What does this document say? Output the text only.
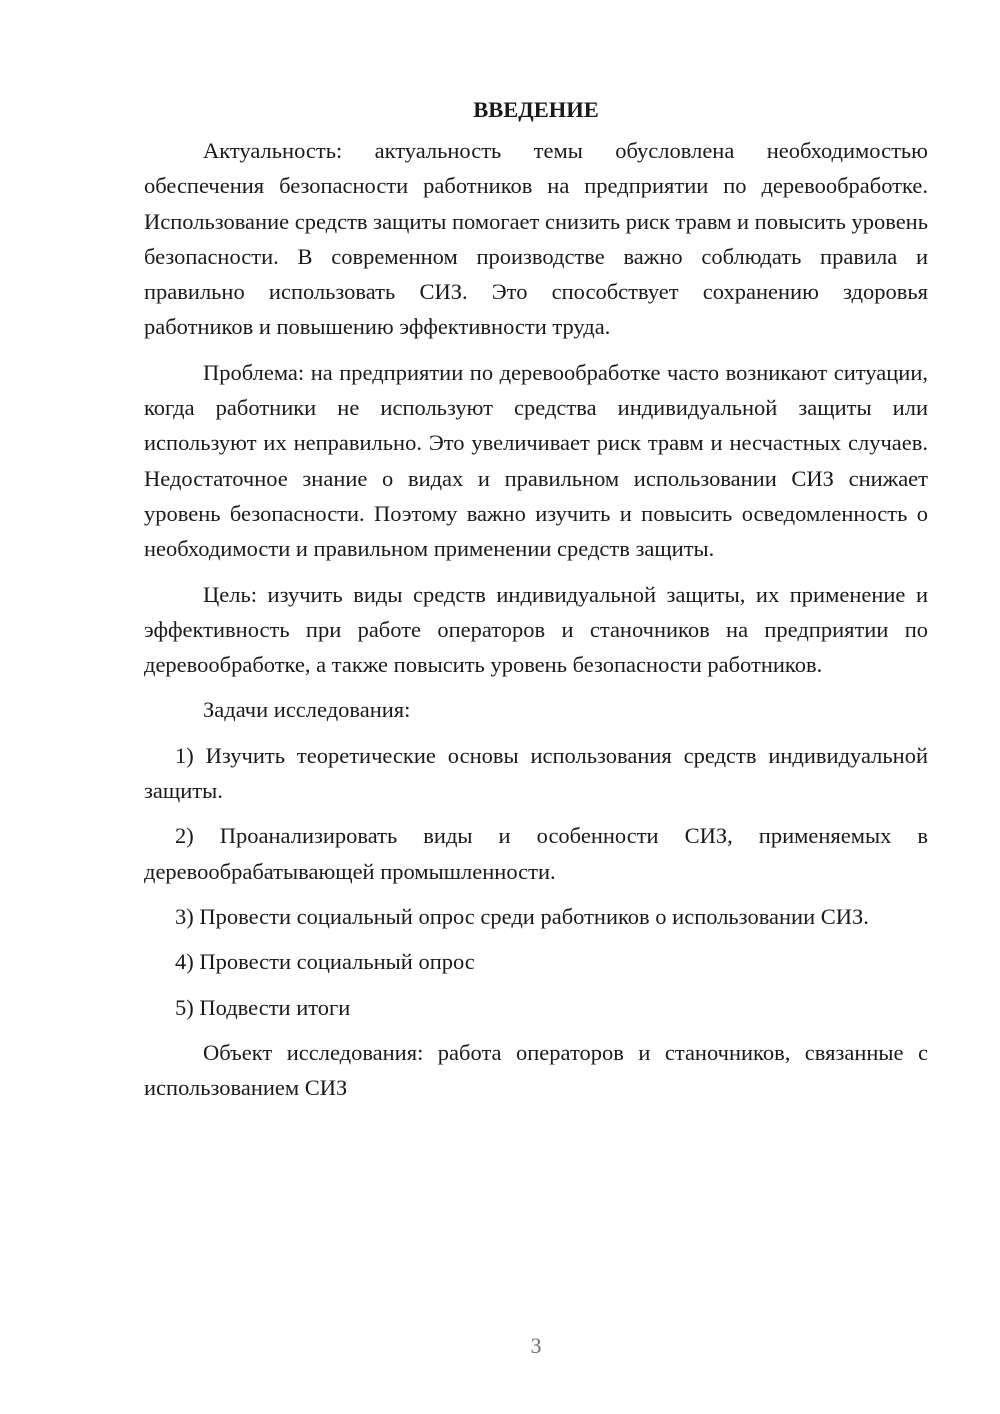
ВВЕДЕНИЕ

Актуальность: актуальность темы обусловлена необходимостью обеспечения безопасности работников на предприятии по деревообработке. Использование средств защиты помогает снизить риск травм и повысить уровень безопасности. В современном производстве важно соблюдать правила и правильно использовать СИЗ. Это способствует сохранению здоровья работников и повышению эффективности труда.

Проблема: на предприятии по деревообработке часто возникают ситуации, когда работники не используют средства индивидуальной защиты или используют их неправильно. Это увеличивает риск травм и несчастных случаев. Недостаточное знание о видах и правильном использовании СИЗ снижает уровень безопасности. Поэтому важно изучить и повысить осведомленность о необходимости и правильном применении средств защиты.

Цель: изучить виды средств индивидуальной защиты, их применение и эффективность при работе операторов и станочников на предприятии по деревообработке, а также повысить уровень безопасности работников.

Задачи исследования:

1) Изучить теоретические основы использования средств индивидуальной защиты.

2) Проанализировать виды и особенности СИЗ, применяемых в деревообрабатывающей промышленности.

3) Провести социальный опрос среди работников о использовании СИЗ.

4) Провести социальный опрос

5) Подвести итоги

Объект исследования: работа операторов и станочников, связанные с использованием СИЗ

3
